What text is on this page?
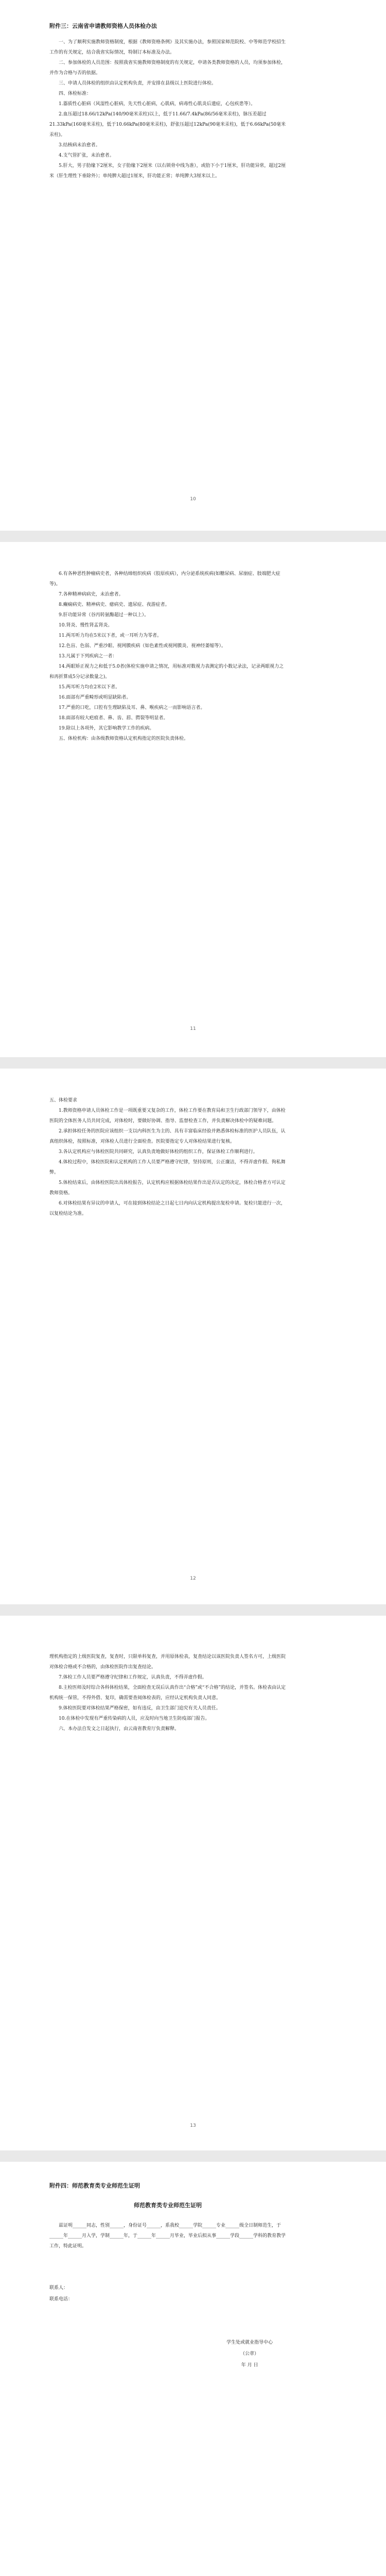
附件三：云南省申请教师资格人员体检办法

一、为了顺利实施教师资格制度，根据《教师资格条例》及其实施办法，参照国家师范院校、中等师范学校招生工作的有关规定，结合我省实际情况，特制订本标准及办法。

二、参加体检的人员范围：按照我省实施教师资格制度的有关规定，申请各类教师资格的人员，均须参加体检，并作为合格与否的依据。

三、申请人员体检的组织由认定机构负责，并安排在县级以上医院进行体检。

四、体检标准：

1.器质性心脏病（风湿性心脏病，先天性心脏病，心肌病，病毒性心肌炎后遗症，心包疾患等）。

2.血压超过18.66/12kPa(140/90毫米汞柱)以上，低于11.66/7.4kPa(86/56毫米汞柱)，脉压差超过21.33kPa(160毫米汞柱)，低于10.66kPa(80毫米汞柱)，舒张压超过12kPa(90毫米汞柱)，低于6.66kPa(50毫米汞柱)。

3.结核病未治愈者。

4.支气管扩张，未治愈者。

5.肝大，男子肋缘下2厘米，女子肋缘下2厘米（以右锁骨中线为准），或肋下小于1厘米，肝功能异常，超过2厘米（肝生理性下垂除外）；单纯脾大超过1厘米，肝功能正常；单纯脾大3厘米以上。

10

6.有各种恶性肿瘤病史者，各种结缔组织疾病（胶原疾病），内分泌系统疾病(如糖尿病、尿崩症、肢端肥大症等)。

7.各种精神病病史，未治愈者。

8.癫痫病史、精神病史、癔病史、遗尿症、夜游症者。

9.肝功能异常（谷丙转氨酶超过一种以上）。

10.肾炎、慢性肾盂肾炎。

11.两耳听力均在5米以下者，或一耳听力为零者。

12.色盲、色弱、严重沙眼、视网膜疾病（如色素性或视网膜炎、视神经萎缩等）。

13.凡属于下列疾病之一者：

14.两眼矫正视力之和低于5.0者(体检实施申请之情况，用标准对数视力表测定的小数记录法，记录两眼视力之和再折算成5分记录数量之)。

15.两耳听力均在2米以下者。

16.面部有严重畸形或明显缺陷者。

17.严重的口吃，口腔有生理缺陷及耳、鼻、喉疾病之一而影响语言者。

18.面部有较大疤痕者、鼻、齿、唇、腭裂等明显者。

19.除以上各项外，其它影响教学工作的疾病。

五、体检机构：由各级教师资格认定机构指定的医院负责体检。

11

五、体检要求

1.教师资格申请人员体检工作是一项既重要又复杂的工作，体检工作要在教育局和卫生行政部门领导下，由体检医院的全体医务人员共同完成，对体检时，要做好协调、指导、监督检查工作，并负责解决体检中的疑难问题。

2.承担体检任务的医院应该组织一支以内科医生为主的、具有丰富临床经验并熟悉体检标准的医护人员队伍，认真组织体检，按照标准，对体检人员进行全面检查。医院要指定专人对体检结果进行复核。

3.各认定机构应与体检医院共同研究，认真负责地做好体检的组织工作，保证体检工作顺利进行。

4.体检过程中，体检医院和认定机构的工作人员要严格遵守纪律，坚持原则，公正廉洁，不得弄虚作假、徇私舞弊。

5.体检结束后，由体检医院出具体检报告，认定机构应根据体检结果作出是否认定的决定，体检合格者方可认定教师资格。

6.对体检结果有异议的申请人，可在接到体检结论之日起七日内向认定机构提出复检申请。复检只能进行一次，以复检结论为准。

12

理机构指定的上级医院复查，复查时，只限单科复查，并用原体检表，复查结论以该医院负责人签名方可，上级医院对体检合格或不合格的，由体检医院作出复查结论。

7.体检工作人员要严格遵守纪律和工作规定，认真负责，不得弄虚作假。

8.主检医师及时综合各科体检结果，全面检查无误后认真作出“合格”或“不合格”的结论，并签名。体检表由认定机构统一保管，不得外借、复印，确需要查阅体检表的，应经认定机构负责人同意。

9.体检医院要对体检结果严格保密，如有违反，由卫生部门追究有关人员责任。

10.在体检中发现有严重传染病的人员，应及时向当地卫生防疫部门报告。

六、本办法自发文之日起执行，由云南省教育厅负责解释。

13
附件四：师范教育类专业师范生证明
师范教育类专业师范生证明

兹证明______同志，性别______，身份证号______，系我校______学院______专业______级全日制师范生，于______年______月入学，学制______年，于______年______月毕业，毕业后拟从事______学段______学科的教育教学工作，特此证明。

联系人：
联系电话：
学生处或就业指导中心
（公章）
年 月 日
